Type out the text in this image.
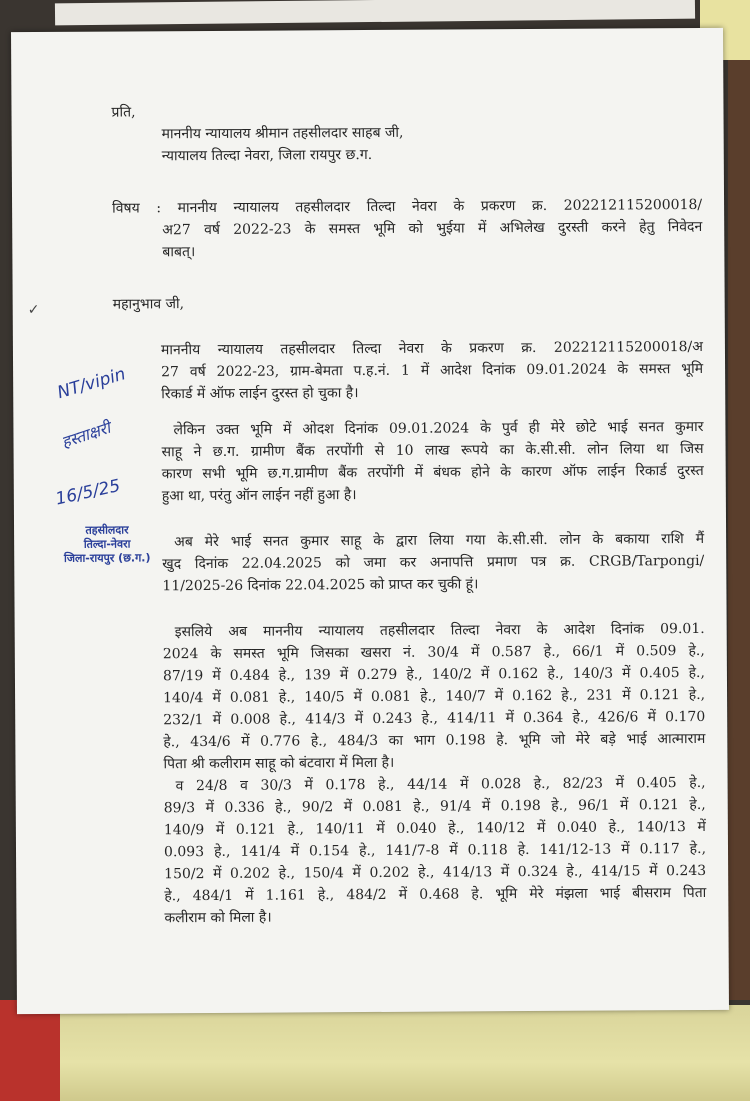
✓
प्रति,
माननीय न्यायालय श्रीमान तहसीलदार साहब जी,
न्यायालय तिल्दा नेवरा, जिला रायपुर छ.ग.
विषय : माननीय न्यायालय तहसीलदार तिल्दा नेवरा के प्रकरण क्र. 202212115200018/
अ27 वर्ष 2022-23 के समस्त भूमि को भुईया में अभिलेख दुरस्ती करने हेतु निवेदन
बाबत्।
महानुभाव जी,
माननीय न्यायालय तहसीलदार तिल्दा नेवरा के प्रकरण क्र. 202212115200018/अ
27 वर्ष 2022-23, ग्राम-बेमता प.ह.नं. 1 में आदेश दिनांक 09.01.2024 के समस्त भूमि
रिकार्ड में ऑफ लाईन दुरस्त हो चुका है।
लेकिन उक्त भूमि में ओदश दिनांक 09.01.2024 के पुर्व ही मेरे छोटे भाई सनत कुमार
साहू ने छ.ग. ग्रामीण बैंक तरपोंगी से 10 लाख रूपये का के.सी.सी. लोन लिया था जिस
कारण सभी भूमि छ.ग.ग्रामीण बैंक तरपोंगी में बंधक होने के कारण ऑफ लाईन रिकार्ड दुरस्त
हुआ था, परंतु ऑन लाईन नहीं हुआ है।
अब मेरे भाई सनत कुमार साहू के द्वारा लिया गया के.सी.सी. लोन के बकाया राशि मैं
खुद दिनांक 22.04.2025 को जमा कर अनापत्ति प्रमाण पत्र क्र. CRGB/Tarpongi/
11/2025-26 दिनांक 22.04.2025 को प्राप्त कर चुकी हूं।
इसलिये अब माननीय न्यायालय तहसीलदार तिल्दा नेवरा के आदेश दिनांक 09.01.
2024 के समस्त भूमि जिसका खसरा नं. 30/4 में 0.587 हे., 66/1 में 0.509 हे.,
87/19 में 0.484 हे., 139 में 0.279 हे., 140/2 में 0.162 हे., 140/3 में 0.405 हे.,
140/4 में 0.081 हे., 140/5 में 0.081 हे., 140/7 में 0.162 हे., 231 में 0.121 हे.,
232/1 में 0.008 हे., 414/3 में 0.243 हे., 414/11 में 0.364 हे., 426/6 में 0.170
हे., 434/6 में 0.776 हे., 484/3 का भाग 0.198 हे. भूमि जो मेरे बड़े भाई आत्माराम
पिता श्री कलीराम साहू को बंटवारा में मिला है।
व 24/8 व 30/3 में 0.178 हे., 44/14 में 0.028 हे., 82/23 में 0.405 हे.,
89/3 में 0.336 हे., 90/2 में 0.081 हे., 91/4 में 0.198 हे., 96/1 में 0.121 हे.,
140/9 में 0.121 हे., 140/11 में 0.040 हे., 140/12 में 0.040 हे., 140/13 में
0.093 हे., 141/4 में 0.154 हे., 141/7-8 में 0.118 हे. 141/12-13 में 0.117 हे.,
150/2 में 0.202 हे., 150/4 में 0.202 हे., 414/13 में 0.324 हे., 414/15 में 0.243
हे., 484/1 में 1.161 हे., 484/2 में 0.468 हे. भूमि मेरे मंझला भाई बीसराम पिता
कलीराम को मिला है।
NT/vipin
हस्ताक्षरी
16/5/25
तहसीलदार
तिल्दा-नेवरा
जिला-रायपुर (छ.ग.)
